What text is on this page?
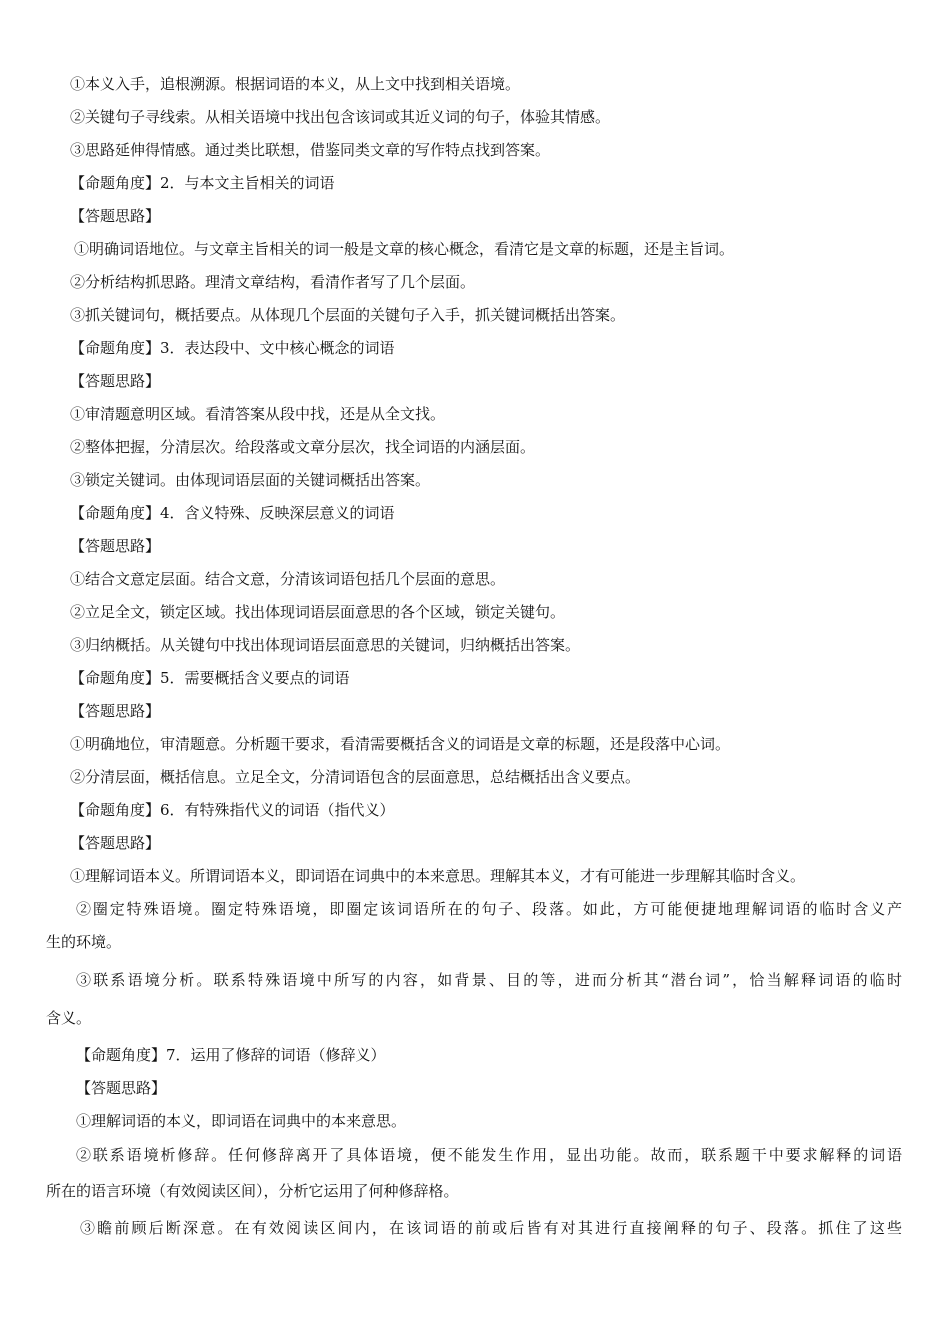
①本义入手，追根溯源。根据词语的本义，从上文中找到相关语境。
②关键句子寻线索。从相关语境中找出包含该词或其近义词的句子，体验其情感。
③思路延伸得情感。通过类比联想，借鉴同类文章的写作特点找到答案。
【命题角度】2．与本文主旨相关的词语
【答题思路】
①明确词语地位。与文章主旨相关的词一般是文章的核心概念，看清它是文章的标题，还是主旨词。
②分析结构抓思路。理清文章结构，看清作者写了几个层面。
③抓关键词句，概括要点。从体现几个层面的关键句子入手，抓关键词概括出答案。
【命题角度】3．表达段中、文中核心概念的词语
【答题思路】
①审清题意明区域。看清答案从段中找，还是从全文找。
②整体把握，分清层次。给段落或文章分层次，找全词语的内涵层面。
③锁定关键词。由体现词语层面的关键词概括出答案。
【命题角度】4．含义特殊、反映深层意义的词语
【答题思路】
①结合文意定层面。结合文意，分清该词语包括几个层面的意思。
②立足全文，锁定区域。找出体现词语层面意思的各个区域，锁定关键句。
③归纳概括。从关键句中找出体现词语层面意思的关键词，归纳概括出答案。
【命题角度】5．需要概括含义要点的词语
【答题思路】
①明确地位，审清题意。分析题干要求，看清需要概括含义的词语是文章的标题，还是段落中心词。
②分清层面，概括信息。立足全文，分清词语包含的层面意思，总结概括出含义要点。
【命题角度】6．有特殊指代义的词语（指代义）
【答题思路】
①理解词语本义。所谓词语本义，即词语在词典中的本来意思。理解其本义，才有可能进一步理解其临时含义。
②圈定特殊语境。圈定特殊语境，即圈定该词语所在的句子、段落。如此，方可能便捷地理解词语的临时含义产
生的环境。
③联系语境分析。联系特殊语境中所写的内容，如背景、目的等，进而分析其“潜台词”，恰当解释词语的临时
含义。
【命题角度】7．运用了修辞的词语（修辞义）
【答题思路】
①理解词语的本义，即词语在词典中的本来意思。
②联系语境析修辞。任何修辞离开了具体语境，便不能发生作用，显出功能。故而，联系题干中要求解释的词语
所在的语言环境（有效阅读区间），分析它运用了何种修辞格。
③瞻前顾后断深意。在有效阅读区间内，在该词语的前或后皆有对其进行直接阐释的句子、段落。抓住了这些
